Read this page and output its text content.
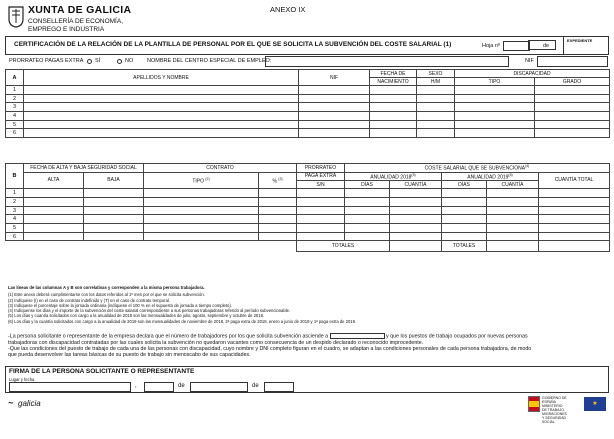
XUNTA DE GALICIA
CONSELLERÍA DE ECONOMÍA,
EMPREGO E INDUSTRIA
ANEXO IX
CERTIFICACIÓN DE LA RELACIÓN DE LA PLANTILLA DE PERSONAL POR EL QUE SE SOLICITA LA SUBVENCIÓN DEL COSTE SALARIAL (1)	Hoja nº	de
EXPEDIENTE
PRORRATEO PAGAS EXTRA SÍ	NO	NOMBRE DEL CENTRO ESPECIAL DE EMPLEO:	NIF
A	APELLIDOS Y NOMBRE	NIF	FECHA DE	SEXO	DISCAPACIDAD	
			NACIMIENTO	H/M	TIPO	GRADO
1						
2						
3						
4						
5						
6						
B	FECHA DE ALTA Y BAJA SEGURIDAD SOCIAL		CONTRATO		PRORRATEO	COSTE SALARIAL QUE SE SUBVENCIONA$^{(4)}$
	ALTA	BAJA	TIPO $^{(2)}$	% $^{(3)}$	PAGA EXTRA	ANUALIDAD 2018$^{(5)}$		ANUALIDAD 2019$^{(6)}$		CUANTÍA TOTAL
					S/N	DÍAS	CUANTÍA	DÍAS	CUANTÍA	
1										
2										
3										
4										
5										
6										
					TOTALES			TOTALES		
Las líneas de las columnas A y B son correlativas y corresponden a la misma persona trabajadora.
(1) Este anexo deberá cumplimentarse con los datos referidos al 1º mes por el que se solicita subvención.
(2) Indíquese (I) en el caso de contrato indefinido y (T) en el caso de contrato temporal.
(3) Indíquese el porcentaje sobre la jornada ordinaria (indíquese el 100 % en el supuesto de jornada a tiempo completo).
(4) Indíquense los días y el importe de la subvención del coste salarial correspondiente a sus personas trabajadoras referido al período subvencionable.
(5) Los días y cuantía solicitados con cargo a la anualidad de 2018 son las mensualidades de julio, agosto, septiembre y octubre de 2018.
(6) Los días y la cuantía solicitados con cargo a la anualidad de 2019 son las mensualidades de noviembre de 2018, 2ª paga extra de 2018, enero a junio de 2019 y 1ª paga extra de 2019.
-La persona solicitante o representante de la empresa declara que el número de trabajadores por los que solicita subvención asciende a	y que los puestos de trabajo ocupados por nuevas personas
trabajadoras con discapacidad contratadas por las cuales solicita la subvención no quedaron vacantes como consecuencia de un despido declarado o reconocido improcedente.
-Que las condiciones del puesto de trabajo de cada una de las personas con discapacidad, cuyo nombre y DNI completo figuran en el cuadro, se adaptan a las condiciones personales de cada persona trabajadora, de modo
que pueda desenvolver las tareas básicas de su puesto de trabajo sin menoscabo de sus capacidades.
FIRMA DE LA PERSONA SOLICITANTE O REPRESENTANTE
Lugar y fecha
,	de	de
~ galicia
GOBIERNO DE ESPAÑA MINISTERIO DE TRABAJO, MIGRACIONES Y SEGURIDAD SOCIAL
★
